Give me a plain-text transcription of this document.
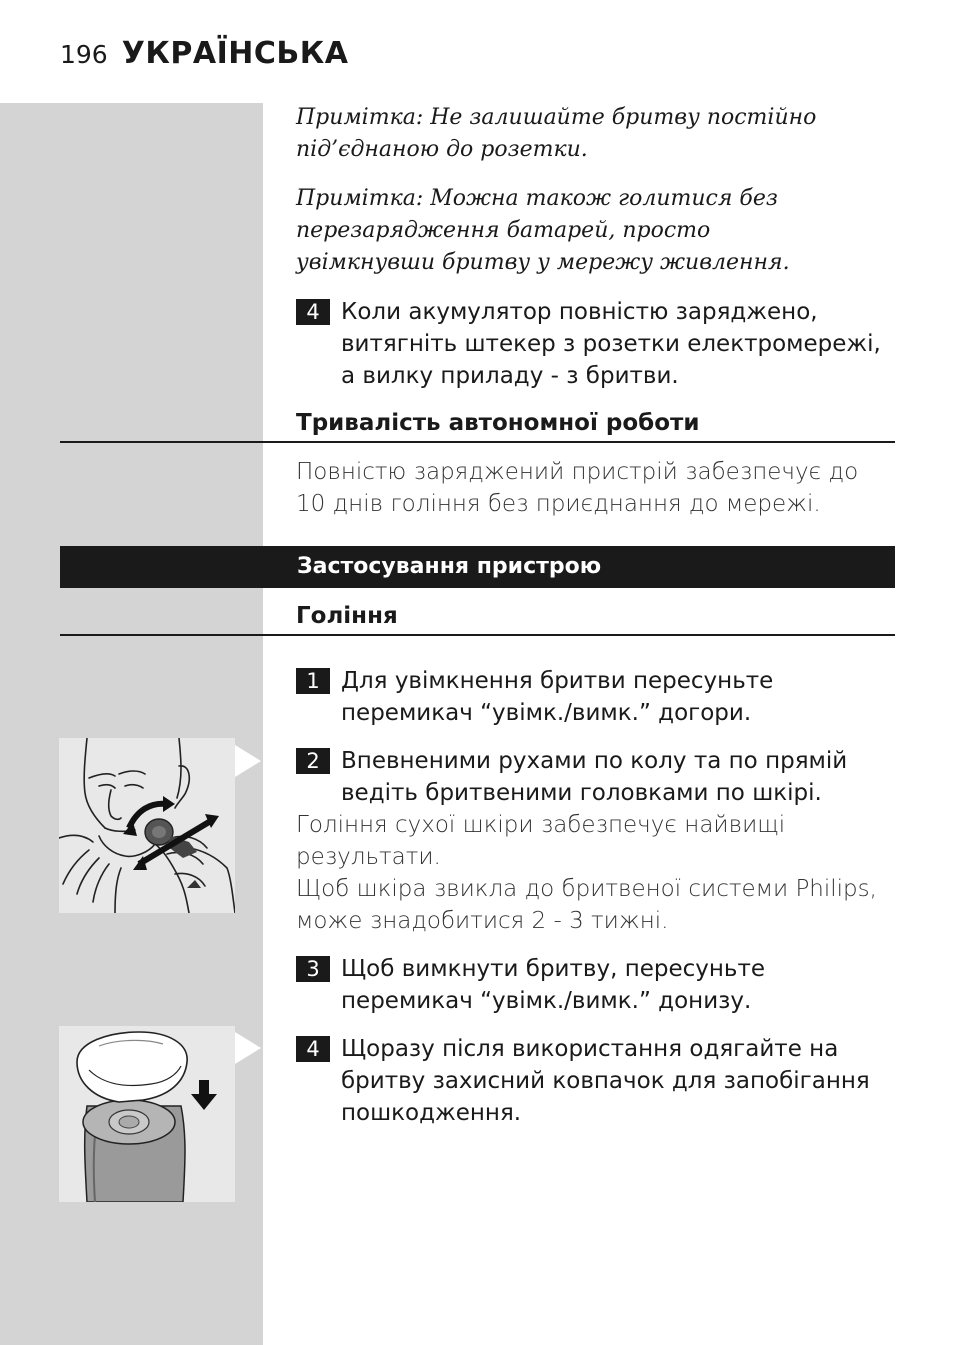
196 УКРАЇНСЬКА
Примітка: Не залишайте бритву постійно під’єднаною до розетки.
Примітка: Можна також голитися без перезарядження батарей, просто увімкнувши бритву у мережу живлення.
4 Коли акумулятор повністю заряджено, витягніть штекер з розетки електромережі, а вилку приладу - з бритви.
Тривалість автономної роботи
Повністю заряджений пристрій забезпечує до 10 днів гоління без приєднання до мережі.
Застосування пристрою
Гоління
1 Для увімкнення бритви пересуньте перемикач “увімк./вимк.” догори.
2 Впевненими рухами по колу та по прямій ведіть бритвеними головками по шкірі.
Гоління сухої шкіри забезпечує найвищі результати.
Щоб шкіра звикла до бритвеної системи Philips, може знадобитися 2 - 3 тижні.
3 Щоб вимкнути бритву, пересуньте перемикач “увімк./вимк.” донизу.
4 Щоразу після використання одягайте на бритву захисний ковпачок для запобігання пошкодження.
